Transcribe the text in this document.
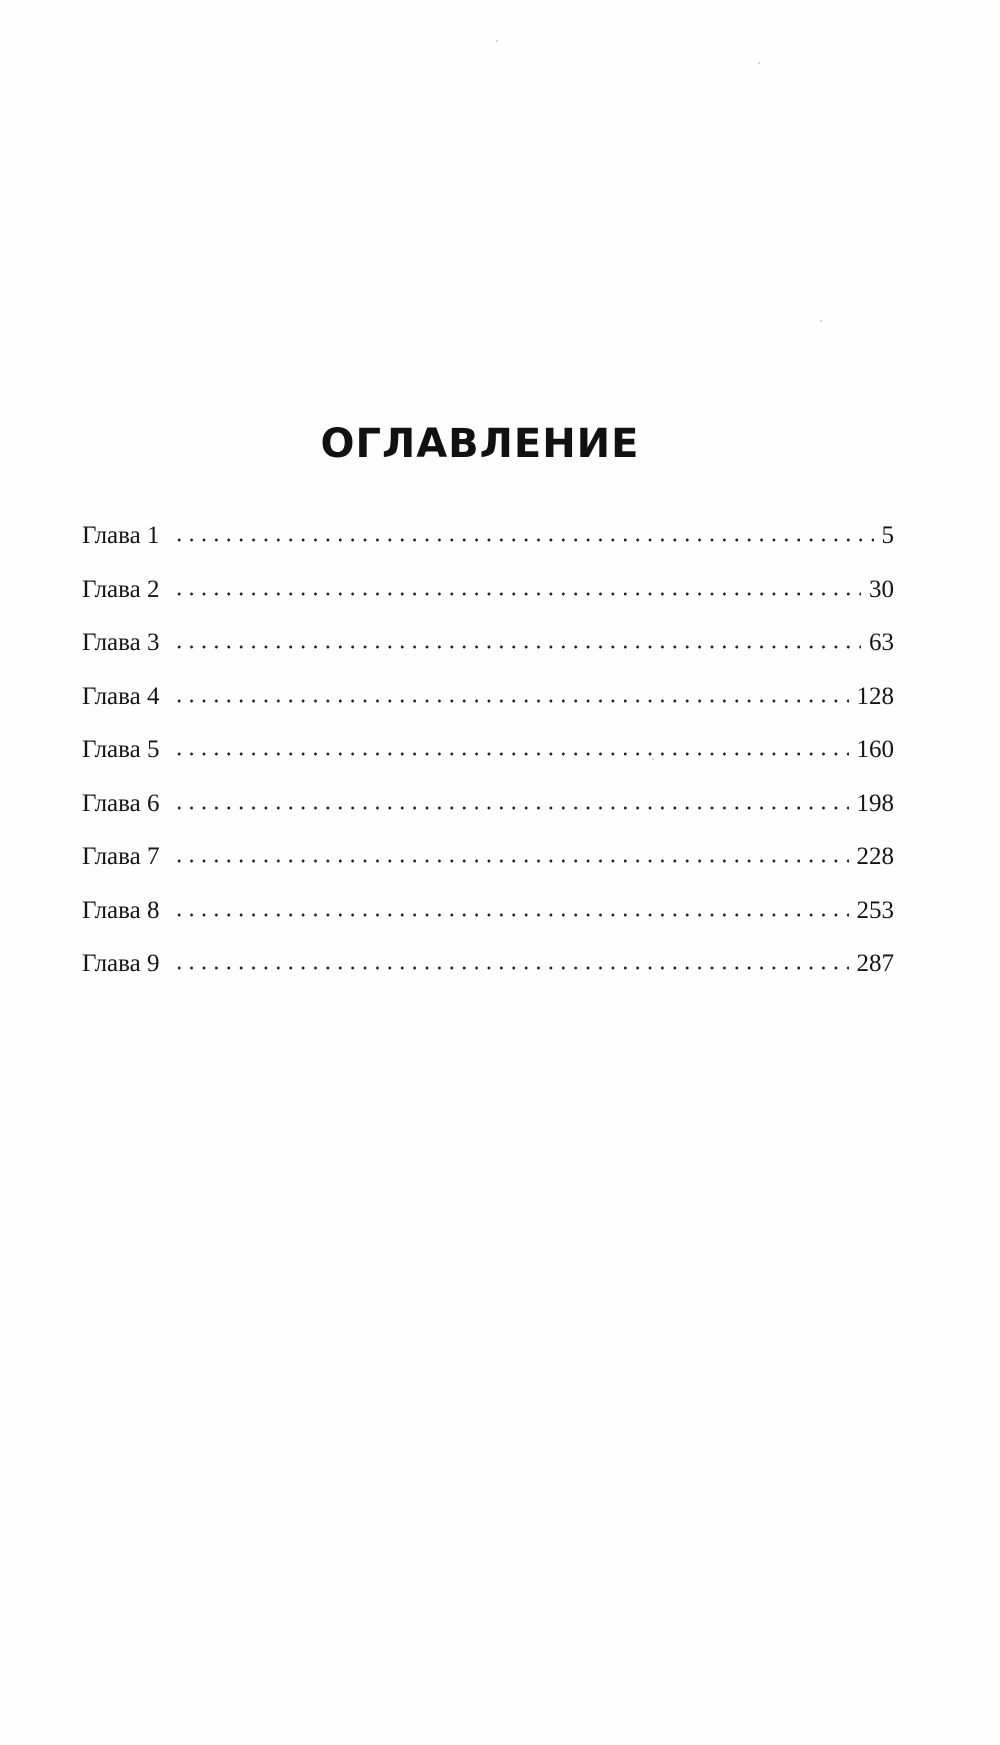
ОГЛАВЛЕНИЕ
Глава 1	5
Глава 2	30
Глава 3	63
Глава 4	128
Глава 5	160
Глава 6	198
Глава 7	228
Глава 8	253
Глава 9	287
